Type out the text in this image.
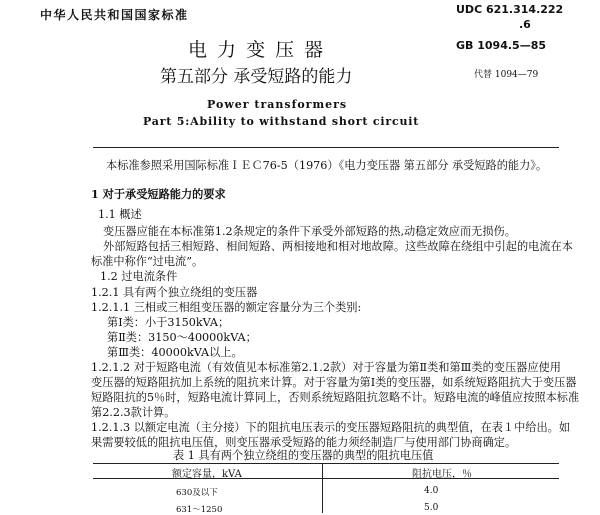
中华人民共和国国家标准	UDC 621.314.222
.6
GB 1094.5—85
代替 1094—79
电 力 变 压 器
第五部分 承受短路的能力
Power transformers
Part 5:Ability to withstand short circuit
本标准参照采用国际标准ＩＥＣ76-5（1976）《电力变压器 第五部分 承受短路的能力》。
1 对于承受短路能力的要求
1.1 概述
变压器应能在本标准第1.2条规定的条件下承受外部短路的热,动稳定效应而无损伤。
外部短路包括三相短路、相间短路、两相接地和相对地故障。这些故障在绕组中引起的电流在本
标准中称作“过电流”。
1.2 过电流条件
1.2.1 具有两个独立绕组的变压器
1.2.1.1 三相或三相组变压器的额定容量分为三个类别:
第Ⅰ类：小于3150kVA；
第Ⅱ类：3150～40000kVA；
第Ⅲ类：40000kVA以上。
1.2.1.2 对于短路电流（有效值见本标准第2.1.2款）对于容量为第Ⅱ类和第Ⅲ类的变压器应使用
变压器的短路阻抗加上系统的阻抗来计算。对于容量为第Ⅰ类的变压器，如系统短路阻抗大于变压器
短路阻抗的5％时，短路电流计算同上，否则系统短路阻抗忽略不计。短路电流的峰值应按照本标准
第2.2.3款计算。
1.2.1.3 以额定电流（主分接）下的阻抗电压表示的变压器短路阻抗的典型值，在表１中给出。如
果需要较低的阻抗电压值，则变压器承受短路的能力须经制造厂与使用部门协商确定。
表 1 具有两个独立绕组的变压器的典型的阻抗电压值
额定容量，kVA	阻抗电压，％
630及以下	4.0
631～1250	5.0
